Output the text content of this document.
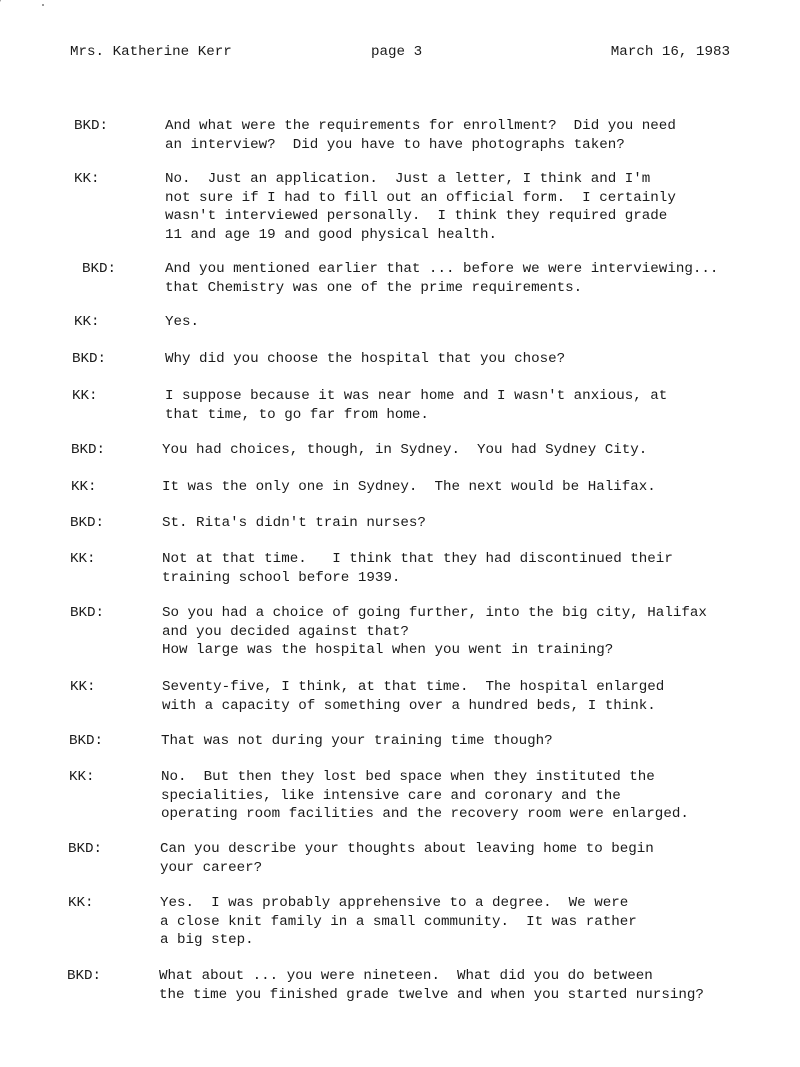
Mrs. Katherine Kerr	page 3	March 16, 1983
BKD:	And what were the requirements for enrollment?  Did you need
an interview?  Did you have to have photographs taken?
KK:	No.  Just an application.  Just a letter, I think and I'm
not sure if I had to fill out an official form.  I certainly
wasn't interviewed personally.  I think they required grade
11 and age 19 and good physical health.
BKD:	And you mentioned earlier that ... before we were interviewing...
that Chemistry was one of the prime requirements.
KK:	Yes.
BKD:	Why did you choose the hospital that you chose?
KK:	I suppose because it was near home and I wasn't anxious, at
that time, to go far from home.
BKD:	You had choices, though, in Sydney.  You had Sydney City.
KK:	It was the only one in Sydney.  The next would be Halifax.
BKD:	St. Rita's didn't train nurses?
KK:	Not at that time.   I think that they had discontinued their
training school before 1939.
BKD:	So you had a choice of going further, into the big city, Halifax
and you decided against that?
How large was the hospital when you went in training?
KK:	Seventy-five, I think, at that time.  The hospital enlarged
with a capacity of something over a hundred beds, I think.
BKD:	That was not during your training time though?
KK:	No.  But then they lost bed space when they instituted the
specialities, like intensive care and coronary and the
operating room facilities and the recovery room were enlarged.
BKD:	Can you describe your thoughts about leaving home to begin
your career?
KK:	Yes.  I was probably apprehensive to a degree.  We were
a close knit family in a small community.  It was rather
a big step.
BKD:	What about ... you were nineteen.  What did you do between
the time you finished grade twelve and when you started nursing?
